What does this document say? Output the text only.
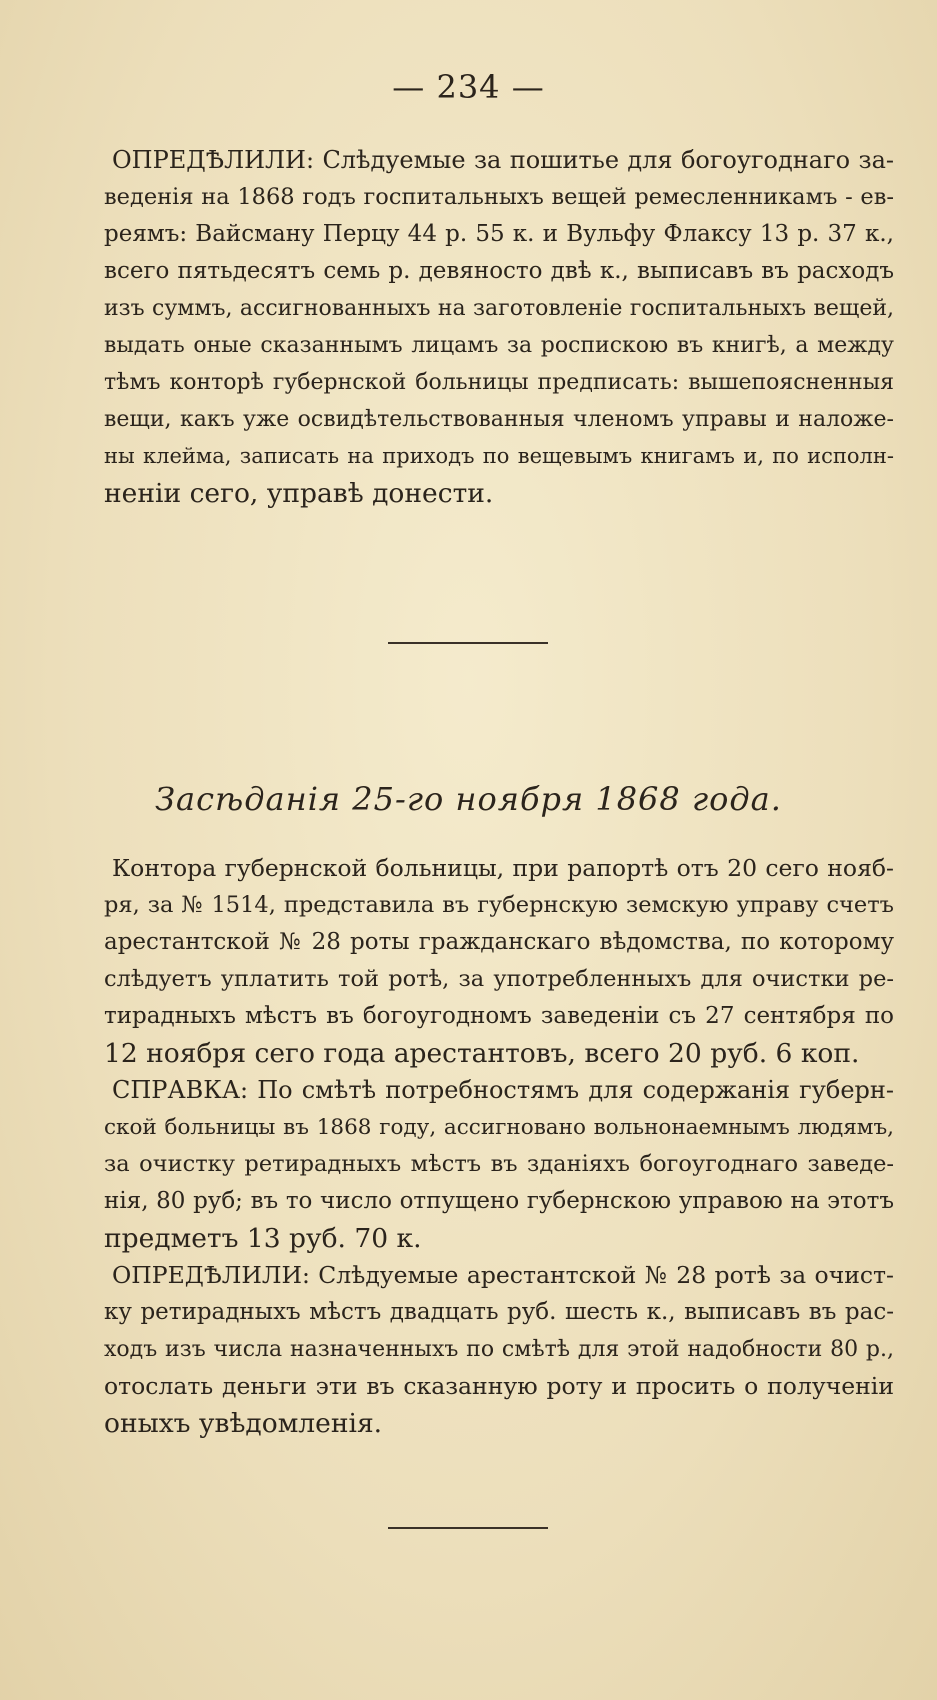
— 234 —
ОПРЕДѢЛИЛИ: Слѣдуемые за пошитье для богоугоднаго за-
веденія на 1868 годъ госпитальныхъ вещей ремесленникамъ - ев-
реямъ: Вайсману Перцу 44 р. 55 к. и Вульфу Флаксу 13 р. 37 к.,
всего пятьдесятъ семь р. девяносто двѣ к., выписавъ въ расходъ
изъ суммъ, ассигнованныхъ на заготовленіе госпитальныхъ вещей,
выдать оные сказаннымъ лицамъ за роспискою въ книгѣ, а между
тѣмъ конторѣ губернской больницы предписать: вышепоясненныя
вещи, какъ уже освидѣтельствованныя членомъ управы и наложе-
ны клейма, записать на приходъ по вещевымъ книгамъ и, по исполн-
неніи сего, управѣ донести.
Засѣданія 25-го ноября 1868 года.
Контора губернской больницы, при рапортѣ отъ 20 сего нояб-
ря, за № 1514, представила въ губернскую земскую управу счетъ
арестантской № 28 роты гражданскаго вѣдомства, по которому
слѣдуетъ уплатить той ротѣ, за употребленныхъ для очистки ре-
тирадныхъ мѣстъ въ богоугодномъ заведеніи съ 27 сентября по
12 ноября сего года арестантовъ, всего 20 руб. 6 коп.
СПРАВКА: По смѣтѣ потребностямъ для содержанія губерн-
ской больницы въ 1868 году, ассигновано вольнонаемнымъ людямъ,
за очистку ретирадныхъ мѣстъ въ зданіяхъ богоугоднаго заведе-
нія, 80 руб; въ то число отпущено губернскою управою на этотъ
предметъ 13 руб. 70 к.
ОПРЕДѢЛИЛИ: Слѣдуемые арестантской № 28 ротѣ за очист-
ку ретирадныхъ мѣстъ двадцать руб. шесть к., выписавъ въ рас-
ходъ изъ числа назначенныхъ по смѣтѣ для этой надобности 80 р.,
отослать деньги эти въ сказанную роту и просить о полученіи
оныхъ увѣдомленія.
